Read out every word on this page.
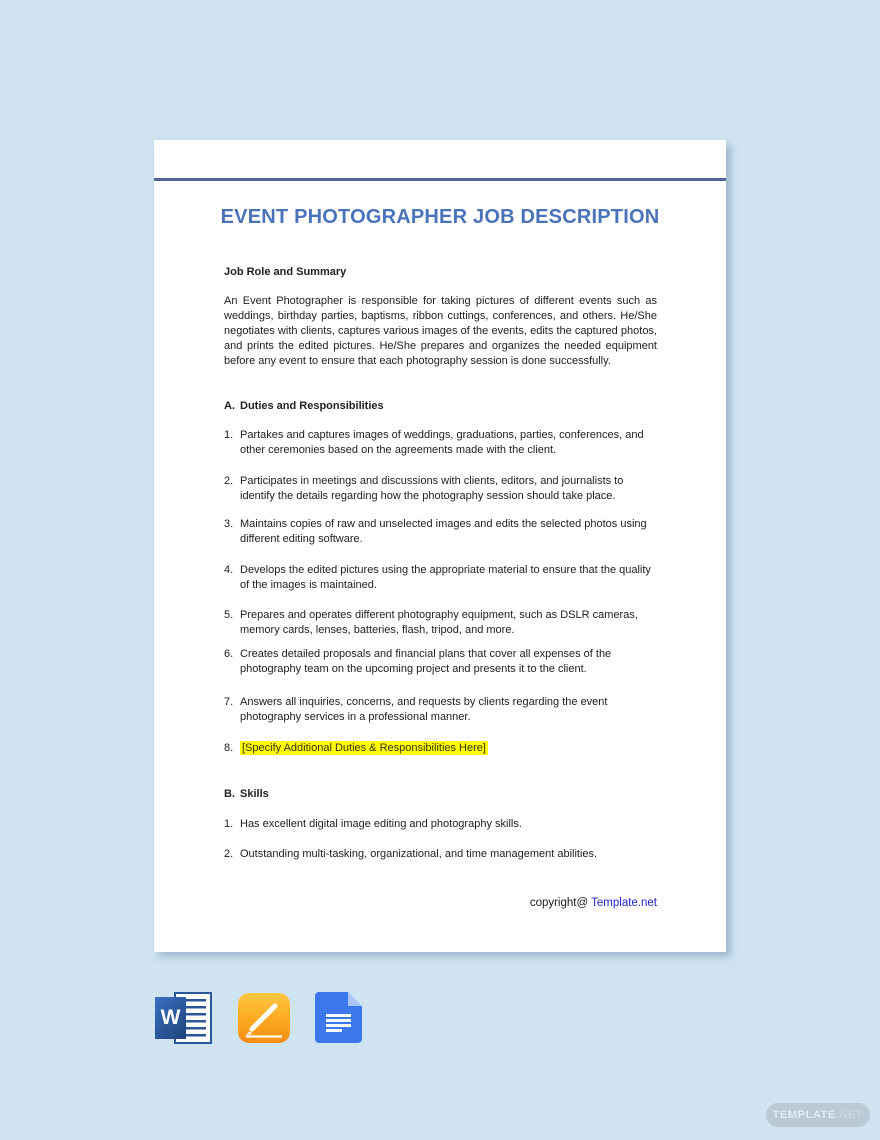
EVENT PHOTOGRAPHER JOB DESCRIPTION
Job Role and Summary
An Event Photographer is responsible for taking pictures of different events such as weddings, birthday parties, baptisms, ribbon cuttings, conferences, and others. He/She negotiates with clients, captures various images of the events, edits the captured photos, and prints the edited pictures. He/She prepares and organizes the needed equipment before any event to ensure that each photography session is done successfully.
A. Duties and Responsibilities
1. Partakes and captures images of weddings, graduations, parties, conferences, and other ceremonies based on the agreements made with the client.
2. Participates in meetings and discussions with clients, editors, and journalists to identify the details regarding how the photography session should take place.
3. Maintains copies of raw and unselected images and edits the selected photos using different editing software.
4. Develops the edited pictures using the appropriate material to ensure that the quality of the images is maintained.
5. Prepares and operates different photography equipment, such as DSLR cameras, memory cards, lenses, batteries, flash, tripod, and more.
6. Creates detailed proposals and financial plans that cover all expenses of the photography team on the upcoming project and presents it to the client.
7. Answers all inquiries, concerns, and requests by clients regarding the event photography services in a professional manner.
8. [Specify Additional Duties & Responsibilities Here]
B. Skills
1. Has excellent digital image editing and photography skills.
2. Outstanding multi-tasking, organizational, and time management abilities.
copyright@ Template.net
W
TEMPLATE .NET
